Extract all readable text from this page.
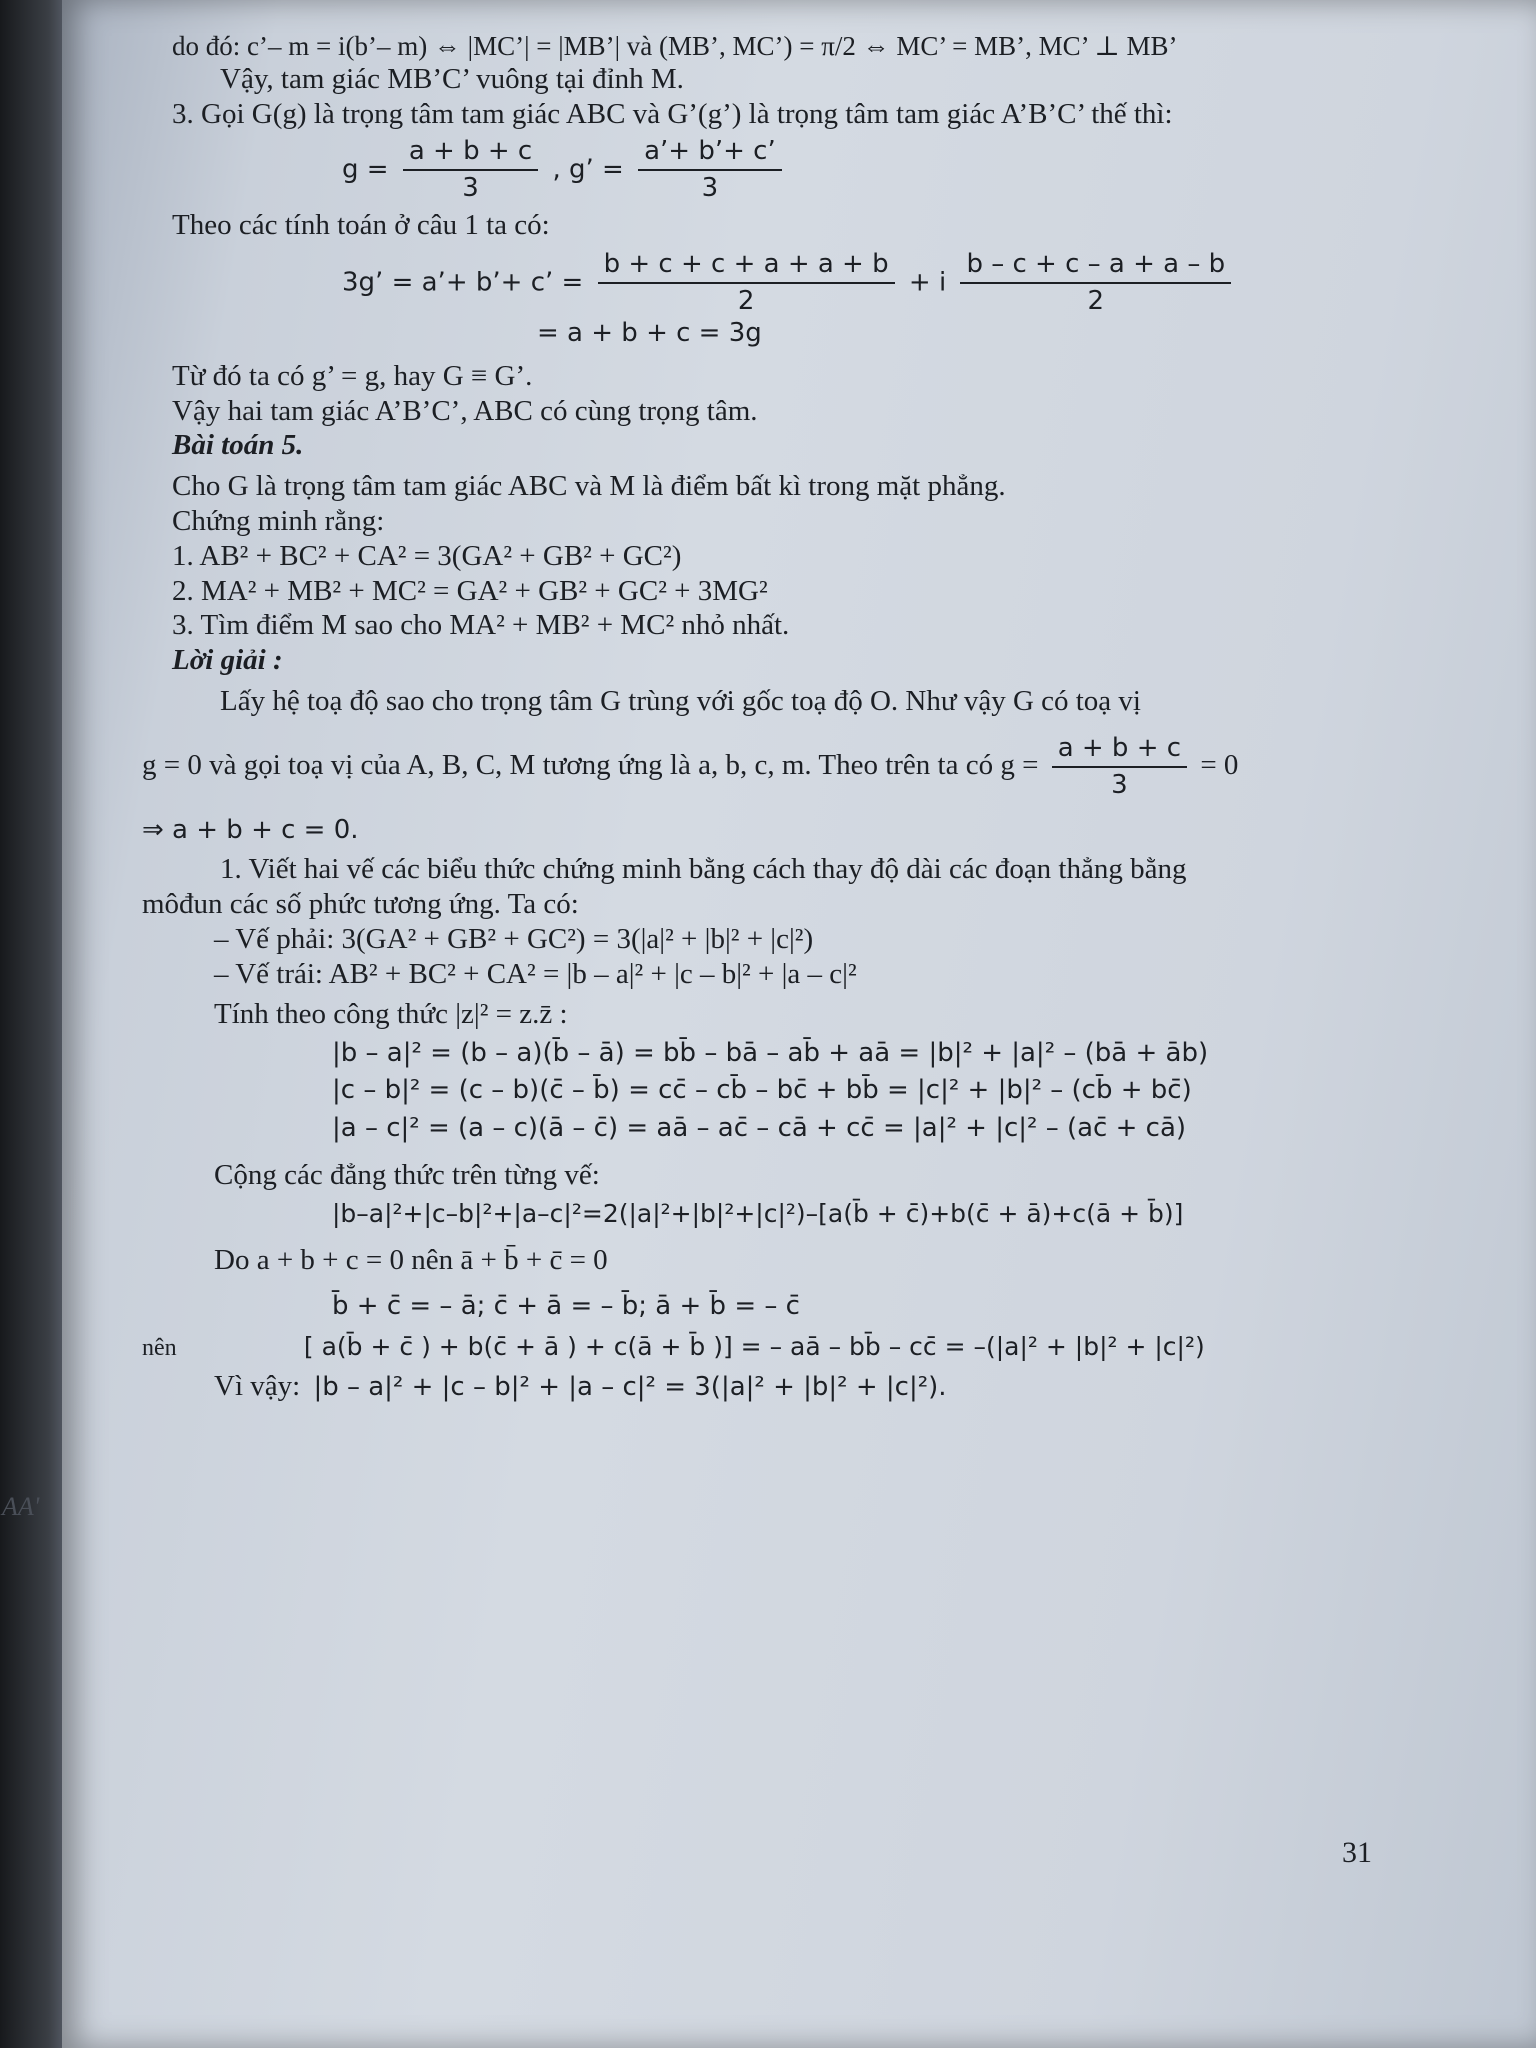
do đó: c’– m = i(b’– m) ⇔ |MC’| = |MB’| và (MB’, MC’) = π/2 ⇔ MC’ = MB’, MC’ ⊥ MB’
Vậy, tam giác MB’C’ vuông tại đỉnh M.
3. Gọi G(g) là trọng tâm tam giác ABC và G’(g’) là trọng tâm tam giác A’B’C’ thế thì:
$g = \frac{a + b + c}{3}$ , g’ = $\frac{a’+ b’+ c’}{3}$
Theo các tính toán ở câu 1 ta có:
3g’ = a’+ b’+ c’ = $\frac{b + c + c + a + a + b}{2} + i \frac{b - c + c - a + a - b}{2}$
= a + b + c = 3g
Từ đó ta có g’ = g, hay G ≡ G’.
Vậy hai tam giác A’B’C’, ABC có cùng trọng tâm.
Bài toán 5.
Cho G là trọng tâm tam giác ABC và M là điểm bất kì trong mặt phẳng.
Chứng minh rằng:
1. AB² + BC² + CA² = 3(GA² + GB² + GC²)
2. MA² + MB² + MC² = GA² + GB² + GC² + 3MG²
3. Tìm điểm M sao cho MA² + MB² + MC² nhỏ nhất.
Lời giải :
Lấy hệ toạ độ sao cho trọng tâm G trùng với gốc toạ độ O. Như vậy G có toạ vị
g = 0 và gọi toạ vị của A, B, C, M tương ứng là a, b, c, m. Theo trên ta có $g = \frac{a + b + c}{3} = 0$
⇒ a + b + c = 0.
1. Viết hai vế các biểu thức chứng minh bằng cách thay độ dài các đoạn thẳng bằng
môđun các số phức tương ứng. Ta có:
– Vế phải: 3(GA² + GB² + GC²) = 3(|a|² + |b|² + |c|²)
– Vế trái: AB² + BC² + CA² = |b – a|² + |c – b|² + |a – c|²
Tính theo công thức |z|² = z.z̄ :
|b – a|² = (b – a)(b̄ – ā) = bb̄ – bā – ab̄ + aā = |b|² + |a|² – (bā + āb)
|c – b|² = (c – b)(c̄ – b̄) = cc̄ – cb̄ – bc̄ + bb̄ = |c|² + |b|² – (cb̄ + bc̄)
|a – c|² = (a – c)(ā – c̄) = aā – ac̄ – cā + cc̄ = |a|² + |c|² – (ac̄ + cā)
Cộng các đẳng thức trên từng vế:
|b–a|²+|c–b|²+|a–c|²=2(|a|²+|b|²+|c|²)–[a(b̄ + c̄)+b(c̄ + ā)+c(ā + b̄)]
Do a + b + c = 0 nên ā + b̄ + c̄ = 0
b̄ + c̄ = – ā; c̄ + ā = – b̄; ā + b̄ = – c̄
nên	[ a(b̄ + c̄ ) + b(c̄ + ā ) + c(ā + b̄ )] = – aā – bb̄ – cc̄ = –(|a|² + |b|² + |c|²)
Vì vậy: |b – a|² + |c – b|² + |a – c|² = 3(|a|² + |b|² + |c|²).
31
AA'
